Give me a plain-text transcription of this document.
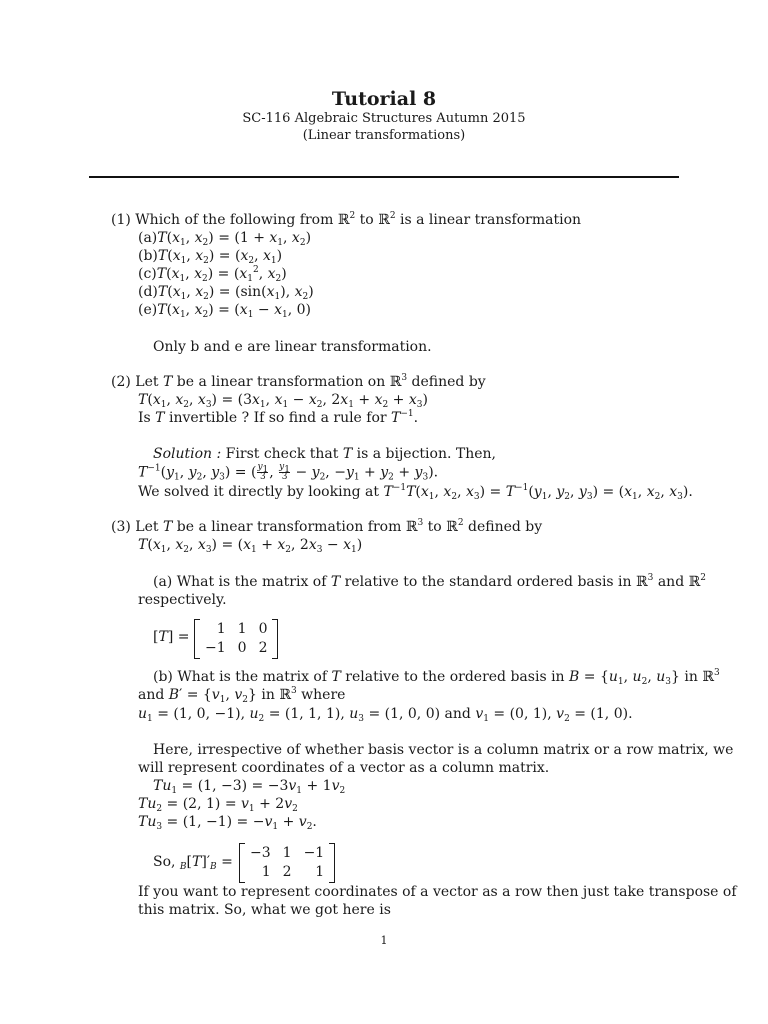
Tutorial 8
SC-116 Algebraic Structures Autumn 2015
(Linear transformations)
(1) Which of the following from ℝ$^2$ to ℝ$^2$ is a linear transformation
$(a)T(x_1$, $x_2) = (1 + x_1$, $x_2$)
$(b)T(x_1$, $x_2) = (x_2$, $x_1$)
$(c)T(x_1$, $x_2) = (x_1^2$, $x_2$)
$(d)T(x_1$, $x_2) = (\sin(x_1)$, $x_2$)
$(e)T(x_1$, $x_2) = (x_1 - x_1$, 0)
Only b and e are linear transformation.
(2) Let T be a linear transformation on ℝ$^3$ defined by
$T(x_1$, $x_2$, $x_3) = (3x_1$, $x_1 - x_2$, $2x_1 + x_2 + x_3$)
Is T invertible ? If so find a rule for $T^{-1}$.
Solution : First check that T is a bijection. Then,
$T^{-1}(y_1$, $y_2$, $y_3$) = ( $\frac{y_1}{3}$ , $\frac{y_1}{3} - y_2$, $-y_1 + y_2 + y_3$).
We solved it directly by looking at $T^{-1}T(x_1$, $x_2$, $x_3) = T^{-1}(y_1$, $y_2$, $y_3) = (x_1$, $x_2$, $x_3$).
(3) Let T be a linear transformation from ℝ$^3$ to ℝ$^2$ defined by
$T(x_1$, $x_2$, $x_3) = (x_1 + x_2$, $2x_3 - x_1$)
(a) What is the matrix of T relative to the standard ordered basis in ℝ$^3$ and ℝ$^2$
respectively.
[T] =	1 1 0
−1 0 2
(b) What is the matrix of T relative to the ordered basis in $B = \{u_1$, $u_2$, $u_3$} in ℝ$^3$
and $B' = \{v_1$, $v_2$} in ℝ$^3$ where
$u_1 = (1$, 0, −1), $u_2 = (1$, 1, 1), $u_3 = (1$, 0, 0) and $v_1 = (0$, 1), $v_2 = (1$, 0).
Here, irrespective of whether basis vector is a column matrix or a row matrix, we
will represent coordinates of a vector as a column matrix.
$Tu_1 = (1$, $-3) = -3v_1 + 1v_2$
$Tu_2 = (2$, $1) = v_1 + 2v_2$
$Tu_3 = (1$, $-1) = -v_1 + v_2$.
So, $_B[T]'_B$ =
−3 1 −1
1 2	1
If you want to represent coordinates of a vector as a row then just take transpose of
this matrix. So, what we got here is
1
